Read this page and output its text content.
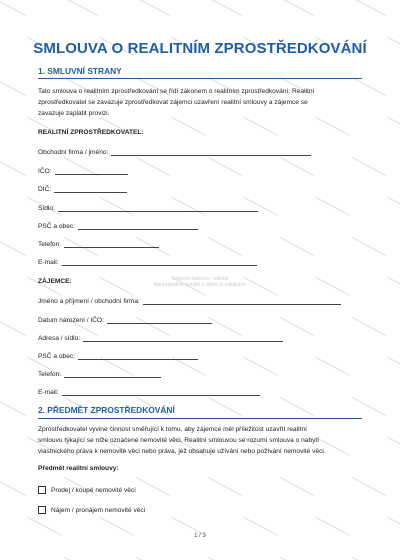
Vzorová šablona - náhled
Neoprávněné použití a šíření je zakázáno
SMLOUVA O REALITNÍM ZPROSTŘEDKOVÁNÍ
1. SMLUVNÍ STRANY
Tato smlouva o realitním zprostředkování se řídí zákonem o realitním zprostředkování. Realitní
zprostředkovatel se zavazuje zprostředkovat zájemci uzavření realitní smlouvy a zájemce se
zavazuje zaplatit provizi.
REALITNÍ ZPROSTŘEDKOVATEL:
Obchodní firma / jméno:
IČO:
DIČ:
Sídlo:
PSČ a obec:
Telefon:
E-mail:
ZÁJEMCE:
Jméno a příjmení / obchodní firma:
Datum narození / IČO:
Adresa / sídlo:
PSČ a obec:
Telefon:
E-mail:
2. PŘEDMĚT ZPROSTŘEDKOVÁNÍ
Zprostředkovatel vyvine činnost směřující k tomu, aby zájemce měl příležitost uzavřít realitní
smlouvu týkající se níže označené nemovité věci. Realitní smlouvou se rozumí smlouva o nabytí
vlastnického práva k nemovité věci nebo práva, jež obsahuje užívání nebo požívání nemovité věci.
Předmět realitní smlouvy:
Prodej / koupě nemovité věci
Nájem / pronájem nemovité věci
1 / 3
